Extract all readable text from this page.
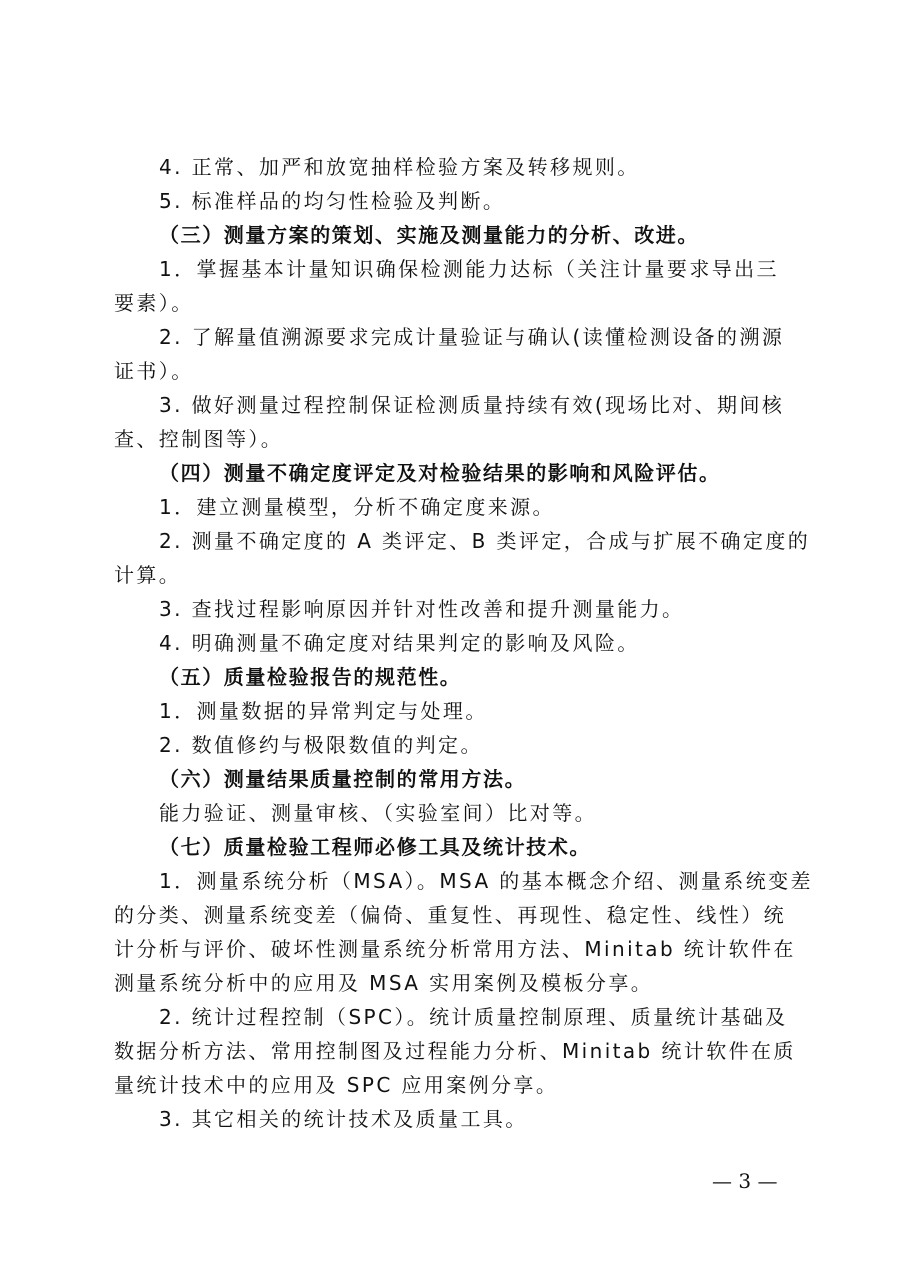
4. 正常、加严和放宽抽样检验方案及转移规则。
5. 标准样品的均匀性检验及判断。
（三）测量方案的策划、实施及测量能力的分析、改进。
1．掌握基本计量知识确保检测能力达标（关注计量要求导出三
要素）。
2. 了解量值溯源要求完成计量验证与确认(读懂检测设备的溯源
证书）。
3. 做好测量过程控制保证检测质量持续有效(现场比对、期间核
查、控制图等）。
（四）测量不确定度评定及对检验结果的影响和风险评估。
1．建立测量模型，分析不确定度来源。
2. 测量不确定度的 A 类评定、B 类评定，合成与扩展不确定度的
计算。
3. 查找过程影响原因并针对性改善和提升测量能力。
4. 明确测量不确定度对结果判定的影响及风险。
（五）质量检验报告的规范性。
1．测量数据的异常判定与处理。
2. 数值修约与极限数值的判定。
（六）测量结果质量控制的常用方法。
能力验证、测量审核、（实验室间）比对等。
（七）质量检验工程师必修工具及统计技术。
1．测量系统分析（MSA）。MSA 的基本概念介绍、测量系统变差
的分类、测量系统变差（偏倚、重复性、再现性、稳定性、线性）统
计分析与评价、破坏性测量系统分析常用方法、Minitab 统计软件在
测量系统分析中的应用及 MSA 实用案例及模板分享。
2. 统计过程控制（SPC）。统计质量控制原理、质量统计基础及
数据分析方法、常用控制图及过程能力分析、Minitab 统计软件在质
量统计技术中的应用及 SPC 应用案例分享。
3. 其它相关的统计技术及质量工具。
— 3 —
